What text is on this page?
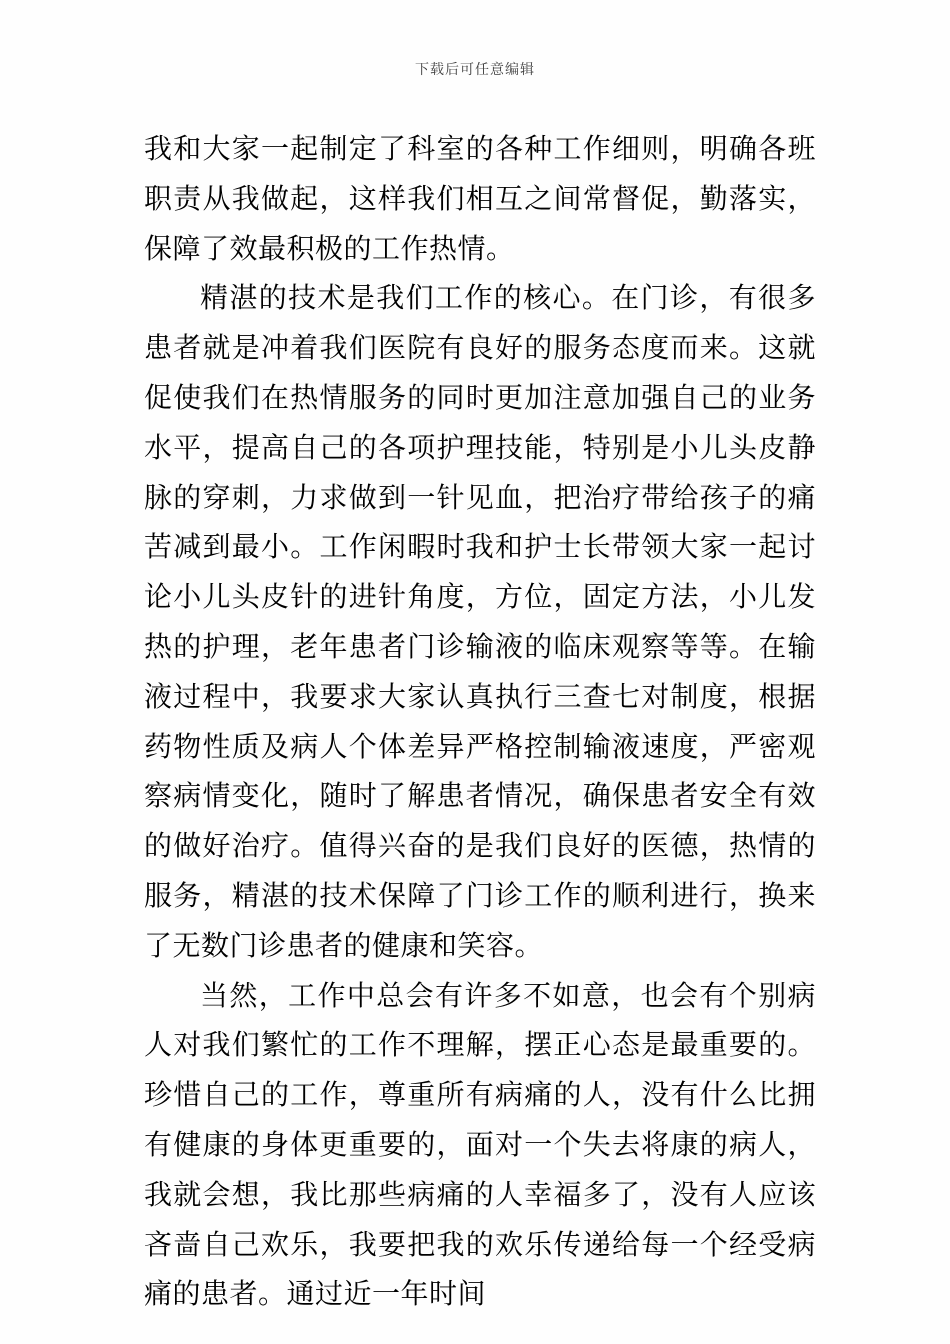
下载后可任意编辑

我和大家一起制定了科室的各种工作细则，明确各班职责从我做起，这样我们相互之间常督促，勤落实，保障了效最积极的工作热情。

精湛的技术是我们工作的核心。在门诊，有很多患者就是冲着我们医院有良好的服务态度而来。这就促使我们在热情服务的同时更加注意加强自己的业务水平，提高自己的各项护理技能，特别是小儿头皮静脉的穿刺，力求做到一针见血，把治疗带给孩子的痛苦减到最小。工作闲暇时我和护士长带领大家一起讨论小儿头皮针的进针角度，方位，固定方法，小儿发热的护理，老年患者门诊输液的临床观察等等。在输液过程中，我要求大家认真执行三查七对制度，根据药物性质及病人个体差异严格控制输液速度，严密观察病情变化，随时了解患者情况，确保患者安全有效的做好治疗。值得兴奋的是我们良好的医德，热情的服务，精湛的技术保障了门诊工作的顺利进行，换来了无数门诊患者的健康和笑容。

当然，工作中总会有许多不如意，也会有个别病人对我们繁忙的工作不理解，摆正心态是最重要的。珍惜自己的工作，尊重所有病痛的人，没有什么比拥有健康的身体更重要的，面对一个失去将康的病人，我就会想，我比那些病痛的人幸福多了，没有人应该吝啬自己欢乐，我要把我的欢乐传递给每一个经受病痛的患者。通过近一年时间
